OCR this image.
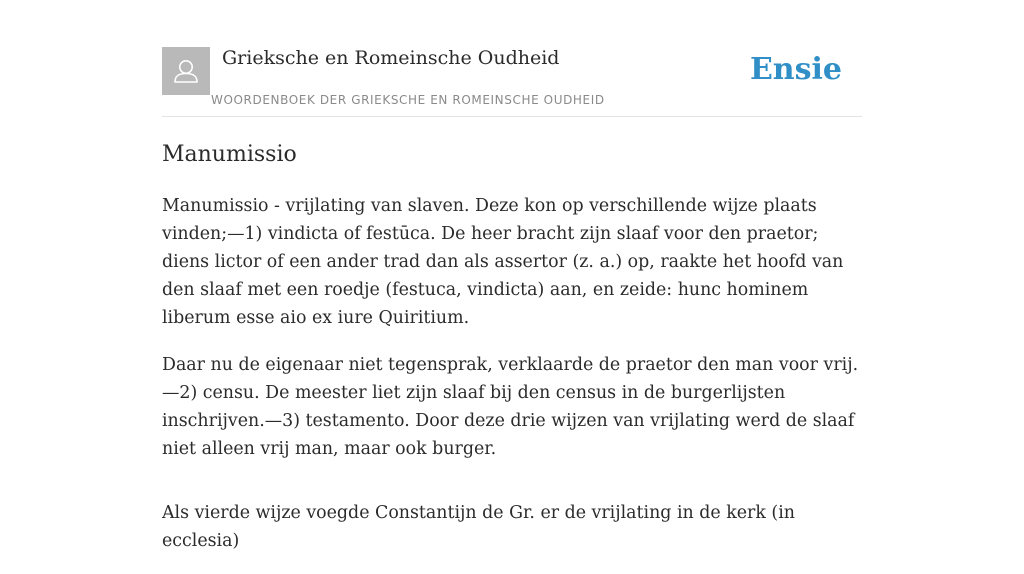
Grieksche en Romeinsche Oudheid
WOORDENBOEK DER GRIEKSCHE EN ROMEINSCHE OUDHEID
Ensie
Manumissio

Manumissio - vrijlating van slaven. Deze kon op verschillende wijze plaats vinden;—1) vindicta of festūca. De heer bracht zijn slaaf voor den praetor; diens lictor of een ander trad dan als assertor (z. a.) op, raakte het hoofd van den slaaf met een roedje (festuca, vindicta) aan, en zeide: hunc hominem liberum esse aio ex iure Quiritium.

Daar nu de eigenaar niet tegensprak, verklaarde de praetor den man voor vrij.—2) censu. De meester liet zijn slaaf bij den census in de burgerlijsten inschrijven.—3) testamento. Door deze drie wijzen van vrijlating werd de slaaf niet alleen vrij man, maar ook burger.

Als vierde wijze voegde Constantijn de Gr. er de vrijlating in de kerk (in ecclesia)
